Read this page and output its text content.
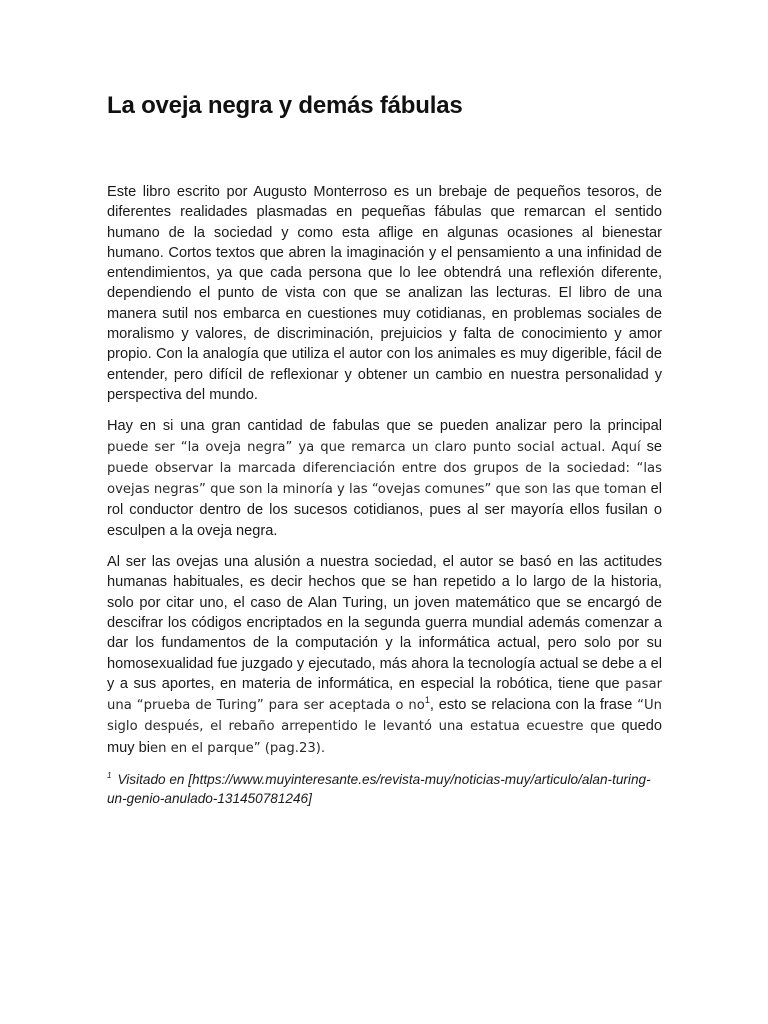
La oveja negra y demás fábulas

Este libro escrito por Augusto Monterroso es un brebaje de pequeños tesoros, de diferentes realidades plasmadas en pequeñas fábulas que remarcan el sentido humano de la sociedad y como esta aflige en algunas ocasiones al bienestar humano. Cortos textos que abren la imaginación y el pensamiento a una infinidad de entendimientos, ya que cada persona que lo lee obtendrá una reflexión diferente, dependiendo el punto de vista con que se analizan las lecturas. El libro de una manera sutil nos embarca en cuestiones muy cotidianas, en problemas sociales de moralismo y valores, de discriminación, prejuicios y falta de conocimiento y amor propio. Con la analogía que utiliza el autor con los animales es muy digerible, fácil de entender, pero difícil de reflexionar y obtener un cambio en nuestra personalidad y perspectiva del mundo.

Hay en si una gran cantidad de fabulas que se pueden analizar pero la principal puede ser “la oveja negra” ya que remarca un claro punto social actual. Aquí se puede observar la marcada diferenciación entre dos grupos de la sociedad: “las ovejas negras” que son la minoría y las “ovejas comunes” que son las que toman el rol conductor dentro de los sucesos cotidianos, pues al ser mayoría ellos fusilan o esculpen a la oveja negra.

Al ser las ovejas una alusión a nuestra sociedad, el autor se basó en las actitudes humanas habituales, es decir hechos que se han repetido a lo largo de la historia, solo por citar uno, el caso de Alan Turing, un joven matemático que se encargó de descifrar los códigos encriptados en la segunda guerra mundial además comenzar a dar los fundamentos de la computación y la informática actual, pero solo por su homosexualidad fue juzgado y ejecutado, más ahora la tecnología actual se debe a el y a sus aportes, en materia de informática, en especial la robótica, tiene que pasar una “prueba de Turing” para ser aceptada o no$^1$, esto se relaciona con la frase “Un siglo después, el rebaño arrepentido le levantó una estatua ecuestre que quedo muy bien en el parque” (pag.23).

$^1$ Visitado en [https://www.muyinteresante.es/revista-muy/noticias-muy/articulo/alan-turing-un-genio-anulado-131450781246]
